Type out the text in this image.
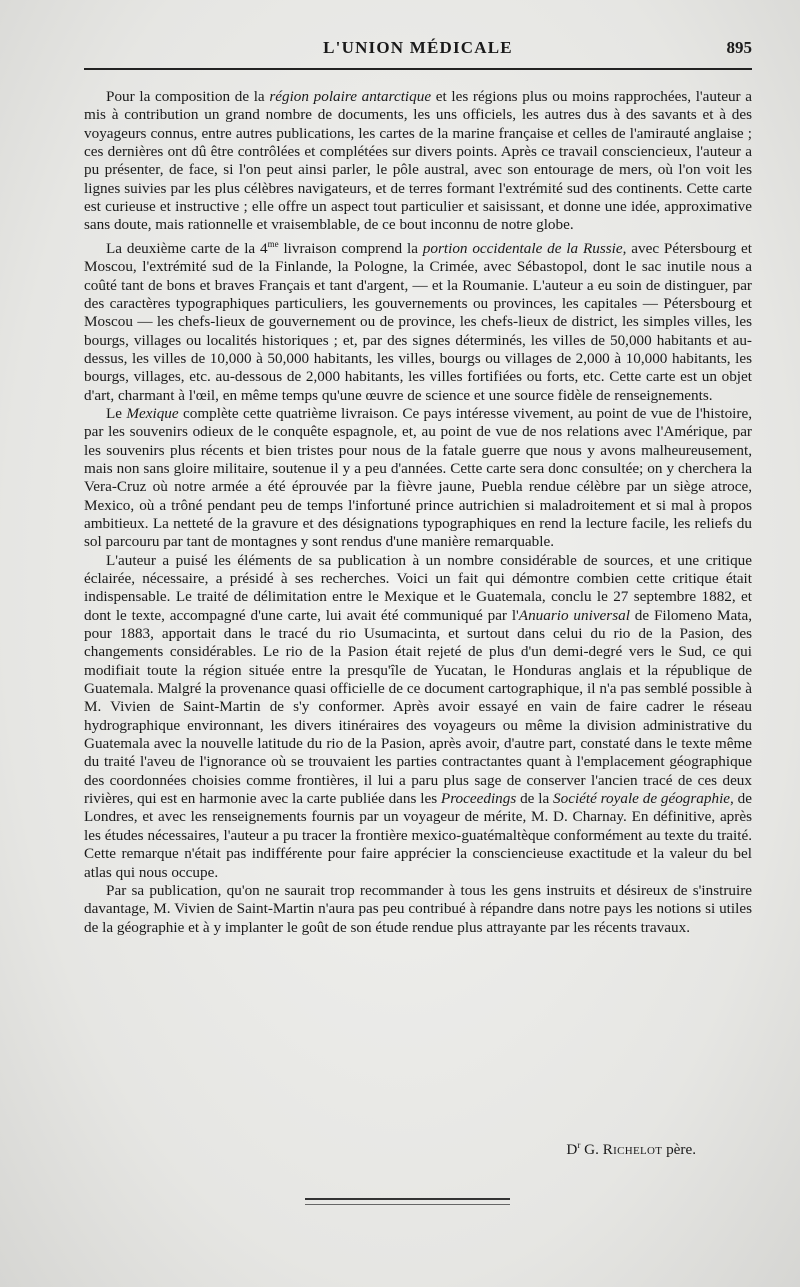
L'UNION MÉDICALE	895

Pour la composition de la région polaire antarctique et les régions plus ou moins rapprochées, l'auteur a mis à contribution un grand nombre de documents, les uns officiels, les autres dus à des savants et à des voyageurs connus, entre autres publications, les cartes de la marine française et celles de l'amirauté anglaise ; ces dernières ont dû être contrôlées et complétées sur divers points. Après ce travail consciencieux, l'auteur a pu présenter, de face, si l'on peut ainsi parler, le pôle austral, avec son entourage de mers, où l'on voit les lignes suivies par les plus célèbres navigateurs, et de terres formant l'extrémité sud des continents. Cette carte est curieuse et instructive ; elle offre un aspect tout particulier et saisissant, et donne une idée, approximative sans doute, mais rationnelle et vraisemblable, de ce bout inconnu de notre globe.

La deuxième carte de la $4^{me}$ livraison comprend la portion occidentale de la Russie, avec Pétersbourg et Moscou, l'extrémité sud de la Finlande, la Pologne, la Crimée, avec Sébastopol, dont le sac inutile nous a coûté tant de bons et braves Français et tant d'argent, — et la Roumanie. L'auteur a eu soin de distinguer, par des caractères typographiques particuliers, les gouvernements ou provinces, les capitales — Pétersbourg et Moscou — les chefs-lieux de gouvernement ou de province, les chefs-lieux de district, les simples villes, les bourgs, villages ou localités historiques ; et, par des signes déterminés, les villes de 50,000 habitants et au-dessus, les villes de 10,000 à 50,000 habitants, les villes, bourgs ou villages de 2,000 à 10,000 habitants, les bourgs, villages, etc. au-dessous de 2,000 habitants, les villes fortifiées ou forts, etc. Cette carte est un objet d'art, charmant à l'œil, en même temps qu'une œuvre de science et une source fidèle de renseignements.

Le Mexique complète cette quatrième livraison. Ce pays intéresse vivement, au point de vue de l'histoire, par les souvenirs odieux de le conquête espagnole, et, au point de vue de nos relations avec l'Amérique, par les souvenirs plus récents et bien tristes pour nous de la fatale guerre que nous y avons malheureusement, mais non sans gloire militaire, soutenue il y a peu d'années. Cette carte sera donc consultée; on y cherchera la Vera-Cruz où notre armée a été éprouvée par la fièvre jaune, Puebla rendue célèbre par un siège atroce, Mexico, où a trôné pendant peu de temps l'infortuné prince autrichien si maladroitement et si mal à propos ambitieux. La netteté de la gravure et des désignations typographiques en rend la lecture facile, les reliefs du sol parcouru par tant de montagnes y sont rendus d'une manière remarquable.

L'auteur a puisé les éléments de sa publication à un nombre considérable de sources, et une critique éclairée, nécessaire, a présidé à ses recherches. Voici un fait qui démontre combien cette critique était indispensable. Le traité de délimitation entre le Mexique et le Guatemala, conclu le 27 septembre 1882, et dont le texte, accompagné d'une carte, lui avait été communiqué par l'Anuario universal de Filomeno Mata, pour 1883, apportait dans le tracé du rio Usumacinta, et surtout dans celui du rio de la Pasion, des changements considérables. Le rio de la Pasion était rejeté de plus d'un demi-degré vers le Sud, ce qui modifiait toute la région située entre la presqu'île de Yucatan, le Honduras anglais et la république de Guatemala. Malgré la provenance quasi officielle de ce document cartographique, il n'a pas semblé possible à M. Vivien de Saint-Martin de s'y conformer. Après avoir essayé en vain de faire cadrer le réseau hydrographique environnant, les divers itinéraires des voyageurs ou même la division administrative du Guatemala avec la nouvelle latitude du rio de la Pasion, après avoir, d'autre part, constaté dans le texte même du traité l'aveu de l'ignorance où se trouvaient les parties contractantes quant à l'emplacement géographique des coordonnées choisies comme frontières, il lui a paru plus sage de conserver l'ancien tracé de ces deux rivières, qui est en harmonie avec la carte publiée dans les Proceedings de la Société royale de géographie, de Londres, et avec les renseignements fournis par un voyageur de mérite, M. D. Charnay. En définitive, après les études nécessaires, l'auteur a pu tracer la frontière mexico-guatémaltèque conformément au texte du traité. Cette remarque n'était pas indifférente pour faire apprécier la consciencieuse exactitude et la valeur du bel atlas qui nous occupe.

Par sa publication, qu'on ne saurait trop recommander à tous les gens instruits et désireux de s'instruire davantage, M. Vivien de Saint-Martin n'aura pas peu contribué à répandre dans notre pays les notions si utiles de la géographie et à y implanter le goût de son étude rendue plus attrayante par les récents travaux.

$D^r$ G. Richelot père.
